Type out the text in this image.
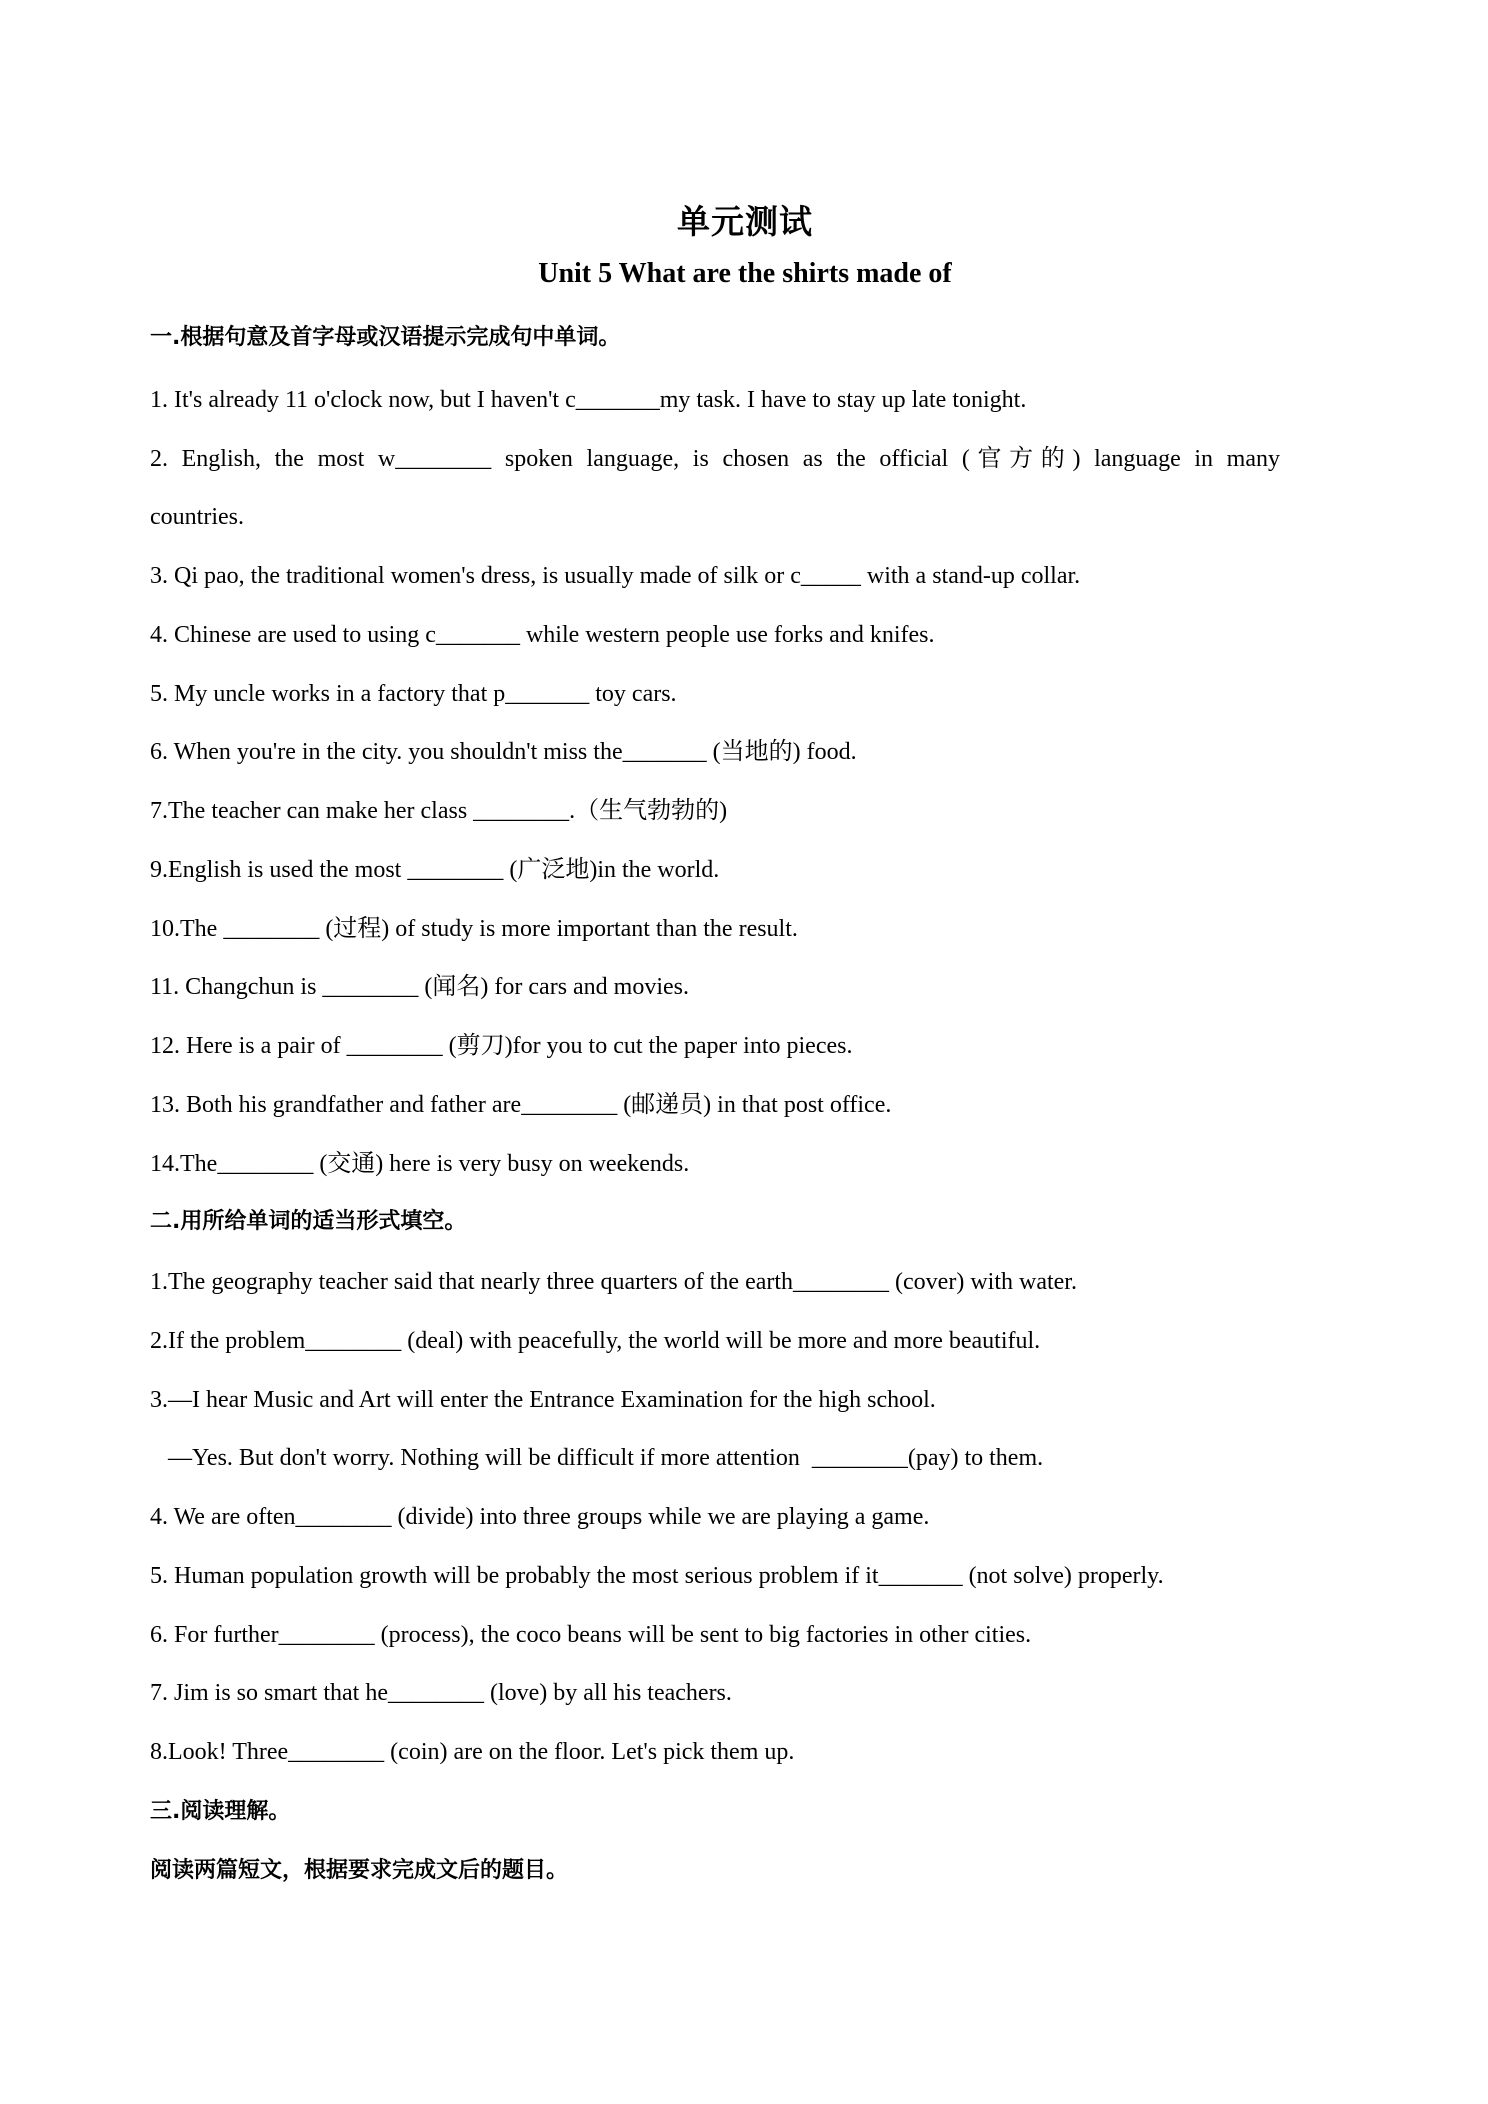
单元测试
Unit 5 What are the shirts made of
一.根据句意及首字母或汉语提示完成句中单词。
1. It's already 11 o'clock now, but I haven't c_______my task. I have to stay up late tonight.
2. English, the most w________ spoken language, is chosen as the official (官方的) language in many
countries.
3. Qi pao, the traditional women's dress, is usually made of silk or c_____ with a stand-up collar.
4. Chinese are used to using c_______ while western people use forks and knifes.
5. My uncle works in a factory that p_______ toy cars.
6. When you're in the city. you shouldn't miss the_______ (当地的) food.
7.The teacher can make her class ________.（生气勃勃的)
9.English is used the most ________ (广泛地)in the world.
10.The ________ (过程) of study is more important than the result.
11. Changchun is ________ (闻名) for cars and movies.
12. Here is a pair of ________ (剪刀)for you to cut the paper into pieces.
13. Both his grandfather and father are________ (邮递员) in that post office.
14.The________ (交通) here is very busy on weekends.
二.用所给单词的适当形式填空。
1.The geography teacher said that nearly three quarters of the earth________ (cover) with water.
2.If the problem________ (deal) with peacefully, the world will be more and more beautiful.
3.—I hear Music and Art will enter the Entrance Examination for the high school.
—Yes. But don't worry. Nothing will be difficult if more attention  ________(pay) to them.
4. We are often________ (divide) into three groups while we are playing a game.
5. Human population growth will be probably the most serious problem if it_______ (not solve) properly.
6. For further________ (process), the coco beans will be sent to big factories in other cities.
7. Jim is so smart that he________ (love) by all his teachers.
8.Look! Three________ (coin) are on the floor. Let's pick them up.
三.阅读理解。
阅读两篇短文，根据要求完成文后的题目。
